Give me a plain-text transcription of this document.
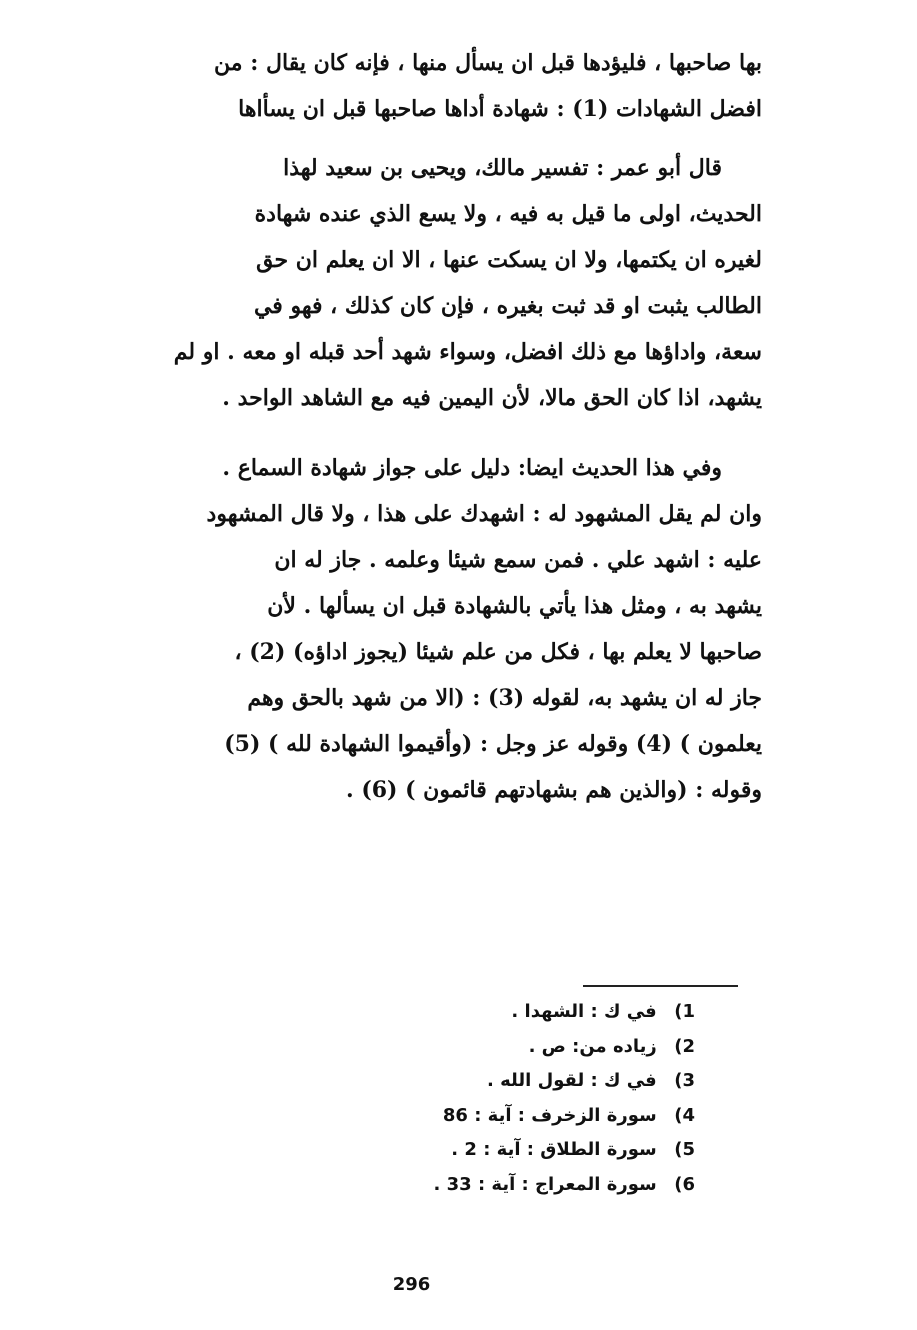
بها صاحبها ، فليؤدها قبل ان يسأل منها ، فإنه كان يقال : من
افضل الشهادات (1) : شهادة أداها صاحبها قبل ان يسأاها
قال أبو عمر : تفسير مالك، ويحيى بن سعيد لهذا
الحديث، اولى ما قيل به فيه ، ولا يسع الذي عنده شهادة
لغيره ان يكتمها، ولا ان يسكت عنها ، الا ان يعلم ان حق
الطالب يثبت او قد ثبت بغيره ، فإن كان كذلك ، فهو في
سعة، واداؤها مع ذلك افضل، وسواء شهد أحد قبله او معه . او لم
يشهد، اذا كان الحق مالا، لأن اليمين فيه مع الشاهد الواحد .
وفي هذا الحديث ايضا: دليل على جواز شهادة السماع .
وان لم يقل المشهود له : اشهدك على هذا ، ولا قال المشهود
عليه : اشهد علي . فمن سمع شيئا وعلمه . جاز له ان
يشهد به ، ومثل هذا يأتي بالشهادة قبل ان يسألها . لأن
صاحبها لا يعلم بها ، فكل من علم شيئا (يجوز اداؤه) (2) ،
جاز له ان يشهد به، لقوله (3) : (الا من شهد بالحق وهم
يعلمون ) (4) وقوله عز وجل : (وأقيموا الشهادة لله ) (5)
وقوله : (والذين هم بشهادتهم قائمون ) (6) .
1) في ك : الشهدا .
2) زياده من: ص .
3) في ك : لقول الله .
4) سورة الزخرف : آية : 86
5) سورة الطلاق : آية : 2 .
6) سورة المعراج : آية : 33 .
296
